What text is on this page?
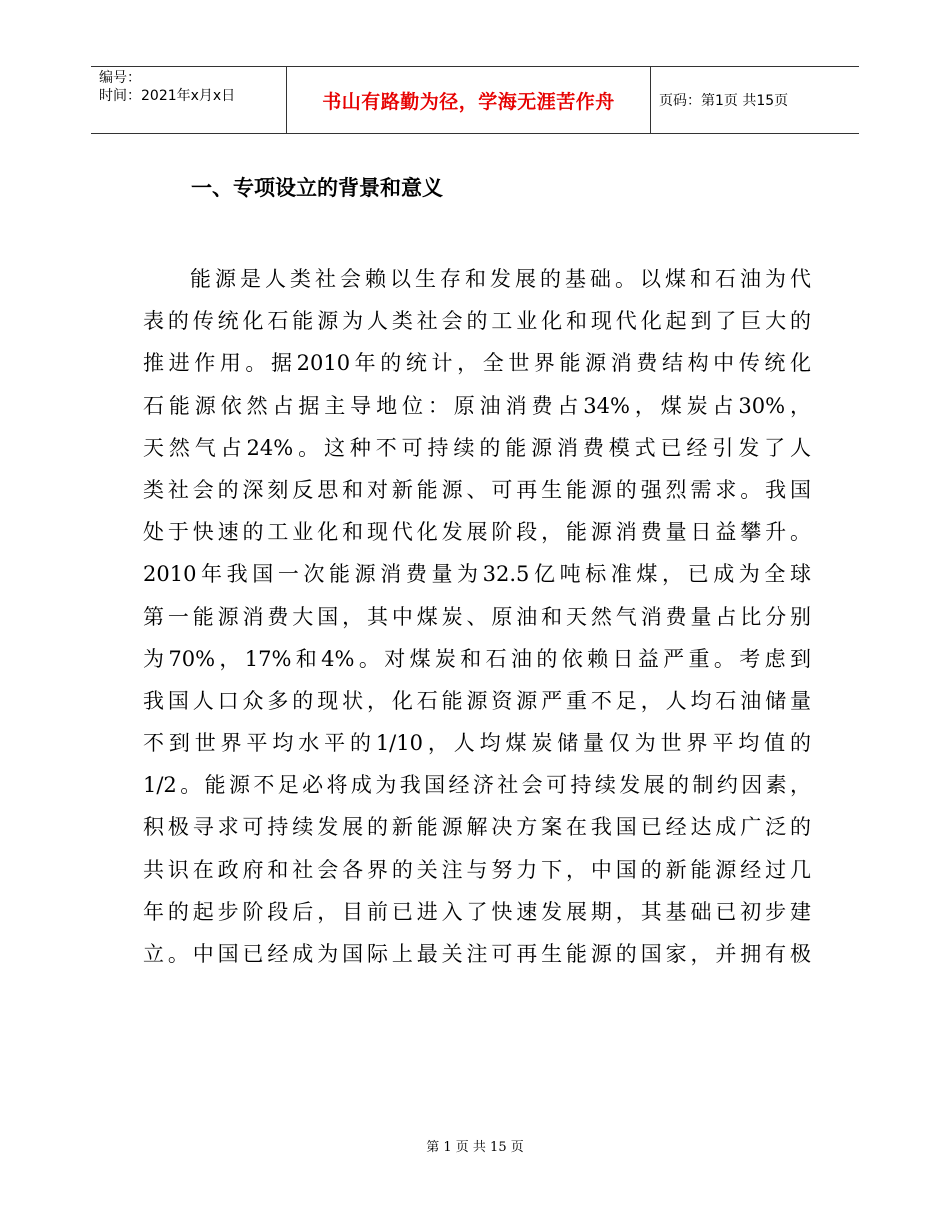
编号：
时间：2021年x月x日	书山有路勤为径，学海无涯苦作舟	页码：第1页 共15页
一、专项设立的背景和意义
能源是人类社会赖以生存和发展的基础。以煤和石油为代
表的传统化石能源为人类社会的工业化和现代化起到了巨大的
推进作用。据2010年的统计，全世界能源消费结构中传统化
石能源依然占据主导地位：原油消费占34%，煤炭占30%，
天然气占24%。这种不可持续的能源消费模式已经引发了人
类社会的深刻反思和对新能源、可再生能源的强烈需求。我国
处于快速的工业化和现代化发展阶段，能源消费量日益攀升。
2010年我国一次能源消费量为32.5亿吨标准煤，已成为全球
第一能源消费大国，其中煤炭、原油和天然气消费量占比分别
为70%，17%和4%。对煤炭和石油的依赖日益严重。考虑到
我国人口众多的现状，化石能源资源严重不足，人均石油储量
不到世界平均水平的1/10，人均煤炭储量仅为世界平均值的
1/2。能源不足必将成为我国经济社会可持续发展的制约因素，
积极寻求可持续发展的新能源解决方案在我国已经达成广泛的
共识在政府和社会各界的关注与努力下，中国的新能源经过几
年的起步阶段后，目前已进入了快速发展期，其基础已初步建
立。中国已经成为国际上最关注可再生能源的国家，并拥有极
第 1 页 共 15 页
